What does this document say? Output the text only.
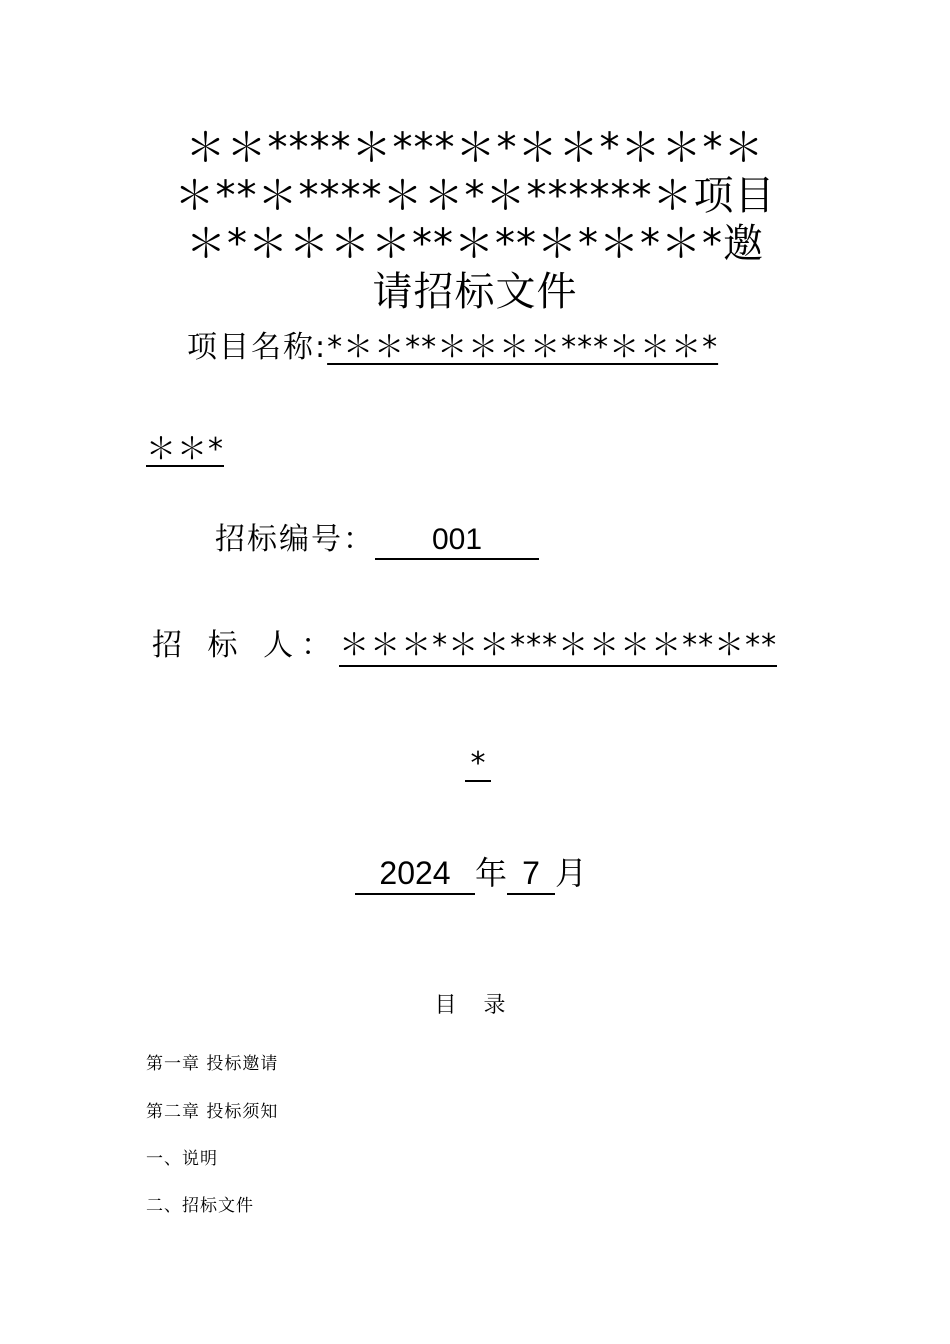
＊＊****＊***＊*＊＊*＊＊*＊
＊**＊****＊＊*＊******＊项目
＊*＊＊＊＊**＊**＊*＊*＊*邀
请招标文件
项目名称:*＊＊**＊＊＊＊***＊＊＊*
＊＊*
招标编号： 001
招 标 人：＊＊＊*＊＊***＊＊＊＊**＊**
*
2024 年 7 月
目 录
第一章 投标邀请
第二章 投标须知
一、说明
二、招标文件
